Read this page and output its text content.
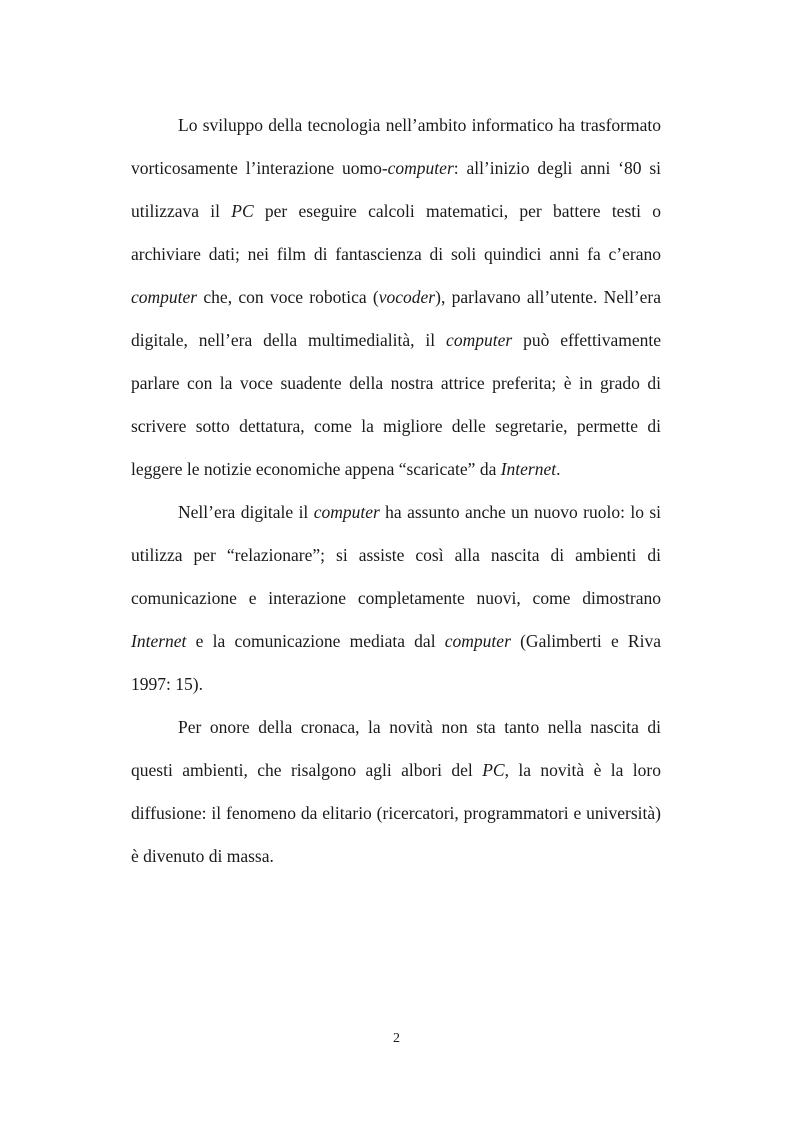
Lo sviluppo della tecnologia nell’ambito informatico ha trasformato vorticosamente l’interazione uomo-computer: all’inizio degli anni ‘80 si utilizzava il PC per eseguire calcoli matematici, per battere testi o archiviare dati; nei film di fantascienza di soli quindici anni fa c’erano computer che, con voce robotica (vocoder), parlavano all’utente. Nell’era digitale, nell’era della multimedialità, il computer può effettivamente parlare con la voce suadente della nostra attrice preferita; è in grado di scrivere sotto dettatura, come la migliore delle segretarie, permette di leggere le notizie economiche appena “scaricate” da Internet.

Nell’era digitale il computer ha assunto anche un nuovo ruolo: lo si utilizza per “relazionare”; si assiste così alla nascita di ambienti di comunicazione e interazione completamente nuovi, come dimostrano Internet e la comunicazione mediata dal computer (Galimberti e Riva 1997: 15).

Per onore della cronaca, la novità non sta tanto nella nascita di questi ambienti, che risalgono agli albori del PC, la novità è la loro diffusione: il fenomeno da elitario (ricercatori, programmatori e università) è divenuto di massa.

2
